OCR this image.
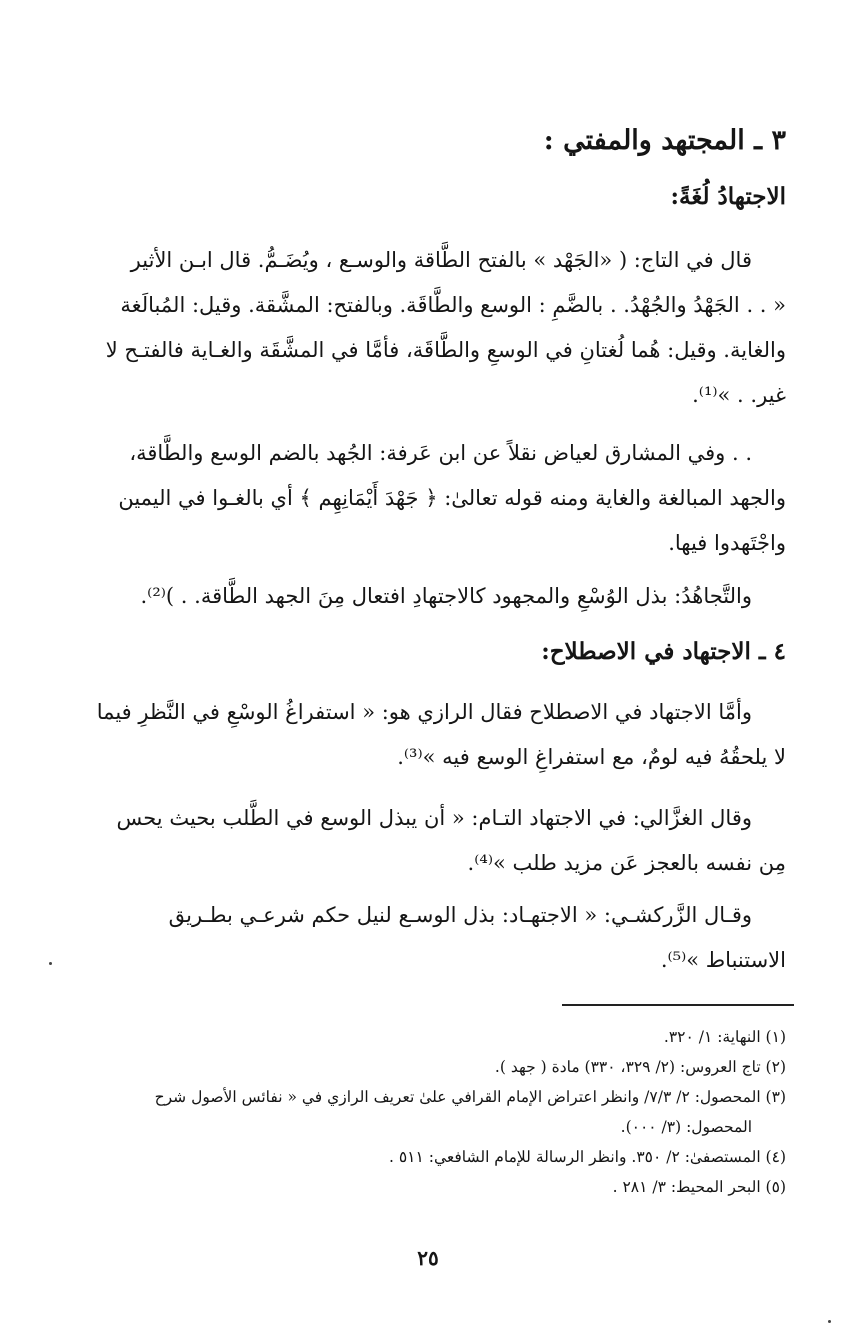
٣ ـ المجتهد والمفتي :
الاجتهادُ لُغَةً:
قال في التاج: ( «الجَهْد » بالفتح الطَّاقة والوسـع ، ويُضَـمُّ. قال ابـن الأثير
« . . الجَهْدُ والجُهْدُ. . بالضَّمِ : الوسع والطَّاقَة. وبالفتح: المشَّقة. وقيل: المُبالَغة
والغاية. وقيل: هُما لُغتانِ في الوسعِ والطَّاقَة، فأمَّا في المشَّقَة والغـاية فالفتـح لا
غير. . »⁽¹⁾.
. . وفي المشارق لعياض نقلاً عن ابن عَرفة: الجُهد بالضم الوسع والطَّاقة،
والجهد المبالغة والغاية ومنه قوله تعالىٰ: ﴿ جَهْدَ أَيْمَانِهِم ﴾ أي بالغـوا في اليمين
واجْتَهدوا فيها.
والتَّجاهُدُ: بذل الوُسْعِ والمجهود كالاجتهادِ افتعال مِنَ الجهد الطَّاقة. . )⁽²⁾.
٤ ـ الاجتهاد في الاصطلاح:
وأمَّا الاجتهاد في الاصطلاح فقال الرازي هو: « استفراغُ الوسْعِ في النَّظرِ فيما
لا يلحقُهُ فيه لومٌ، مع استفراغِ الوسع فيه »⁽³⁾.
وقال الغزَّالي: في الاجتهاد التـام: « أن يبذل الوسع في الطَّلب بحيث يحس
مِن نفسه بالعجز عَن مزيد طلب »⁽⁴⁾.
وقـال الزَّركشـي: « الاجتهـاد: بذل الوسـع لنيل حكم شرعـي بطـريق
الاستنباط »⁽⁵⁾.
(١) النهاية: ١/ ٣٢٠.
(٢) تاج العروس: (٢/ ٣٢٩، ٣٣٠) مادة ( جهد ).
(٣) المحصول: ٢/ ٧/٣/ وانظر اعتراض الإمام القرافي علىٰ تعريف الرازي في « نفائس الأصول شرح
المحصول: (٣/ ٠٠٠).
(٤) المستصفىٰ: ٢/ ٣٥٠. وانظر الرسالة للإمام الشافعي: ٥١١ .
(٥) البحر المحيط: ٣/ ٢٨١ .
٢٥
